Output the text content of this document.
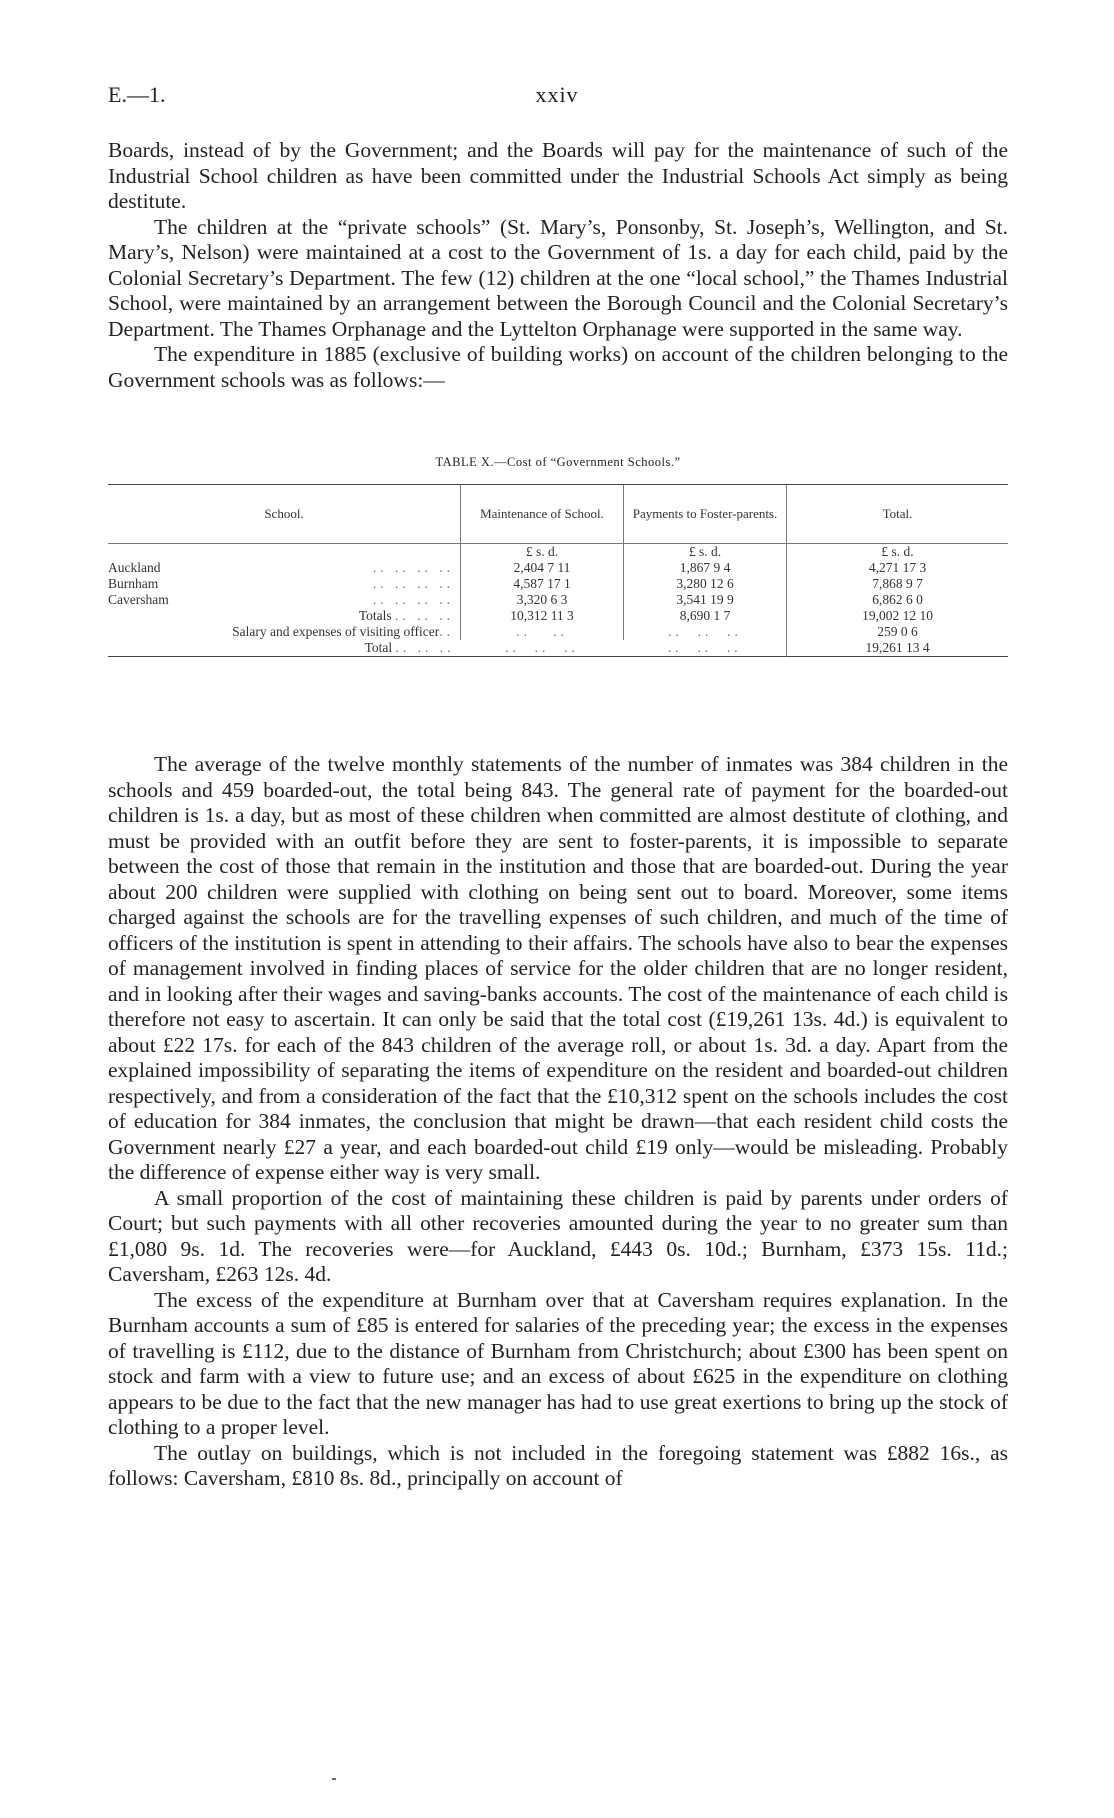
E.—1.	xxiv

Boards, instead of by the Government; and the Boards will pay for the maintenance of such of the Industrial School children as have been committed under the Industrial Schools Act simply as being destitute.

The children at the “private schools” (St. Mary’s, Ponsonby, St. Joseph’s, Wellington, and St. Mary’s, Nelson) were maintained at a cost to the Government of 1s. a day for each child, paid by the Colonial Secretary’s Department. The few (12) children at the one “local school,” the Thames Industrial School, were maintained by an arrangement between the Borough Council and the Colonial Secretary’s Department. The Thames Orphanage and the Lyttelton Orphanage were supported in the same way.

The expenditure in 1885 (exclusive of building works) on account of the children belonging to the Government schools was as follows:—

TABLE X.—Cost of “Government Schools.”
School.	Maintenance of School.	Payments to Foster-parents.	Total.
	£ s. d.	£ s. d.	£ s. d.

Auckland .. .. .. ..	2,404 7 11	1,867 9 4	4,271 17 3

Burnham .. .. .. ..	4,587 17 1	3,280 12 6	7,868 9 7

Caversham .. .. .. ..	3,320 6 3	3,541 19 9	6,862 6 0
Totals .. .. ..	10,312 11 3	8,690 1 7	19,002 12 10
Salary and expenses of visiting officer..	..   ..	..  ..  ..	259 0 6
Total .. .. ..	..  ..  ..	..  ..  ..	19,261 13 4

The average of the twelve monthly statements of the number of inmates was 384 children in the schools and 459 boarded-out, the total being 843. The general rate of payment for the boarded-out children is 1s. a day, but as most of these children when committed are almost destitute of clothing, and must be provided with an outfit before they are sent to foster-parents, it is impossible to separate between the cost of those that remain in the institution and those that are boarded-out. During the year about 200 children were supplied with clothing on being sent out to board. Moreover, some items charged against the schools are for the travelling expenses of such children, and much of the time of officers of the institution is spent in attending to their affairs. The schools have also to bear the expenses of management involved in finding places of service for the older children that are no longer resident, and in looking after their wages and saving-banks accounts. The cost of the maintenance of each child is therefore not easy to ascertain. It can only be said that the total cost (£19,261 13s. 4d.) is equivalent to about £22 17s. for each of the 843 children of the average roll, or about 1s. 3d. a day. Apart from the explained impossibility of separating the items of expenditure on the resident and boarded-out children respectively, and from a consideration of the fact that the £10,312 spent on the schools includes the cost of education for 384 inmates, the conclusion that might be drawn—that each resident child costs the Government nearly £27 a year, and each boarded-out child £19 only—would be misleading. Probably the difference of expense either way is very small.

A small proportion of the cost of maintaining these children is paid by parents under orders of Court; but such payments with all other recoveries amounted during the year to no greater sum than £1,080 9s. 1d. The recoveries were—for Auckland, £443 0s. 10d.; Burnham, £373 15s. 11d.; Caversham, £263 12s. 4d.

The excess of the expenditure at Burnham over that at Caversham requires explanation. In the Burnham accounts a sum of £85 is entered for salaries of the preceding year; the excess in the expenses of travelling is £112, due to the distance of Burnham from Christchurch; about £300 has been spent on stock and farm with a view to future use; and an excess of about £625 in the expenditure on clothing appears to be due to the fact that the new manager has had to use great exertions to bring up the stock of clothing to a proper level.

The outlay on buildings, which is not included in the foregoing statement was £882 16s., as follows: Caversham, £810 8s. 8d., principally on account of
